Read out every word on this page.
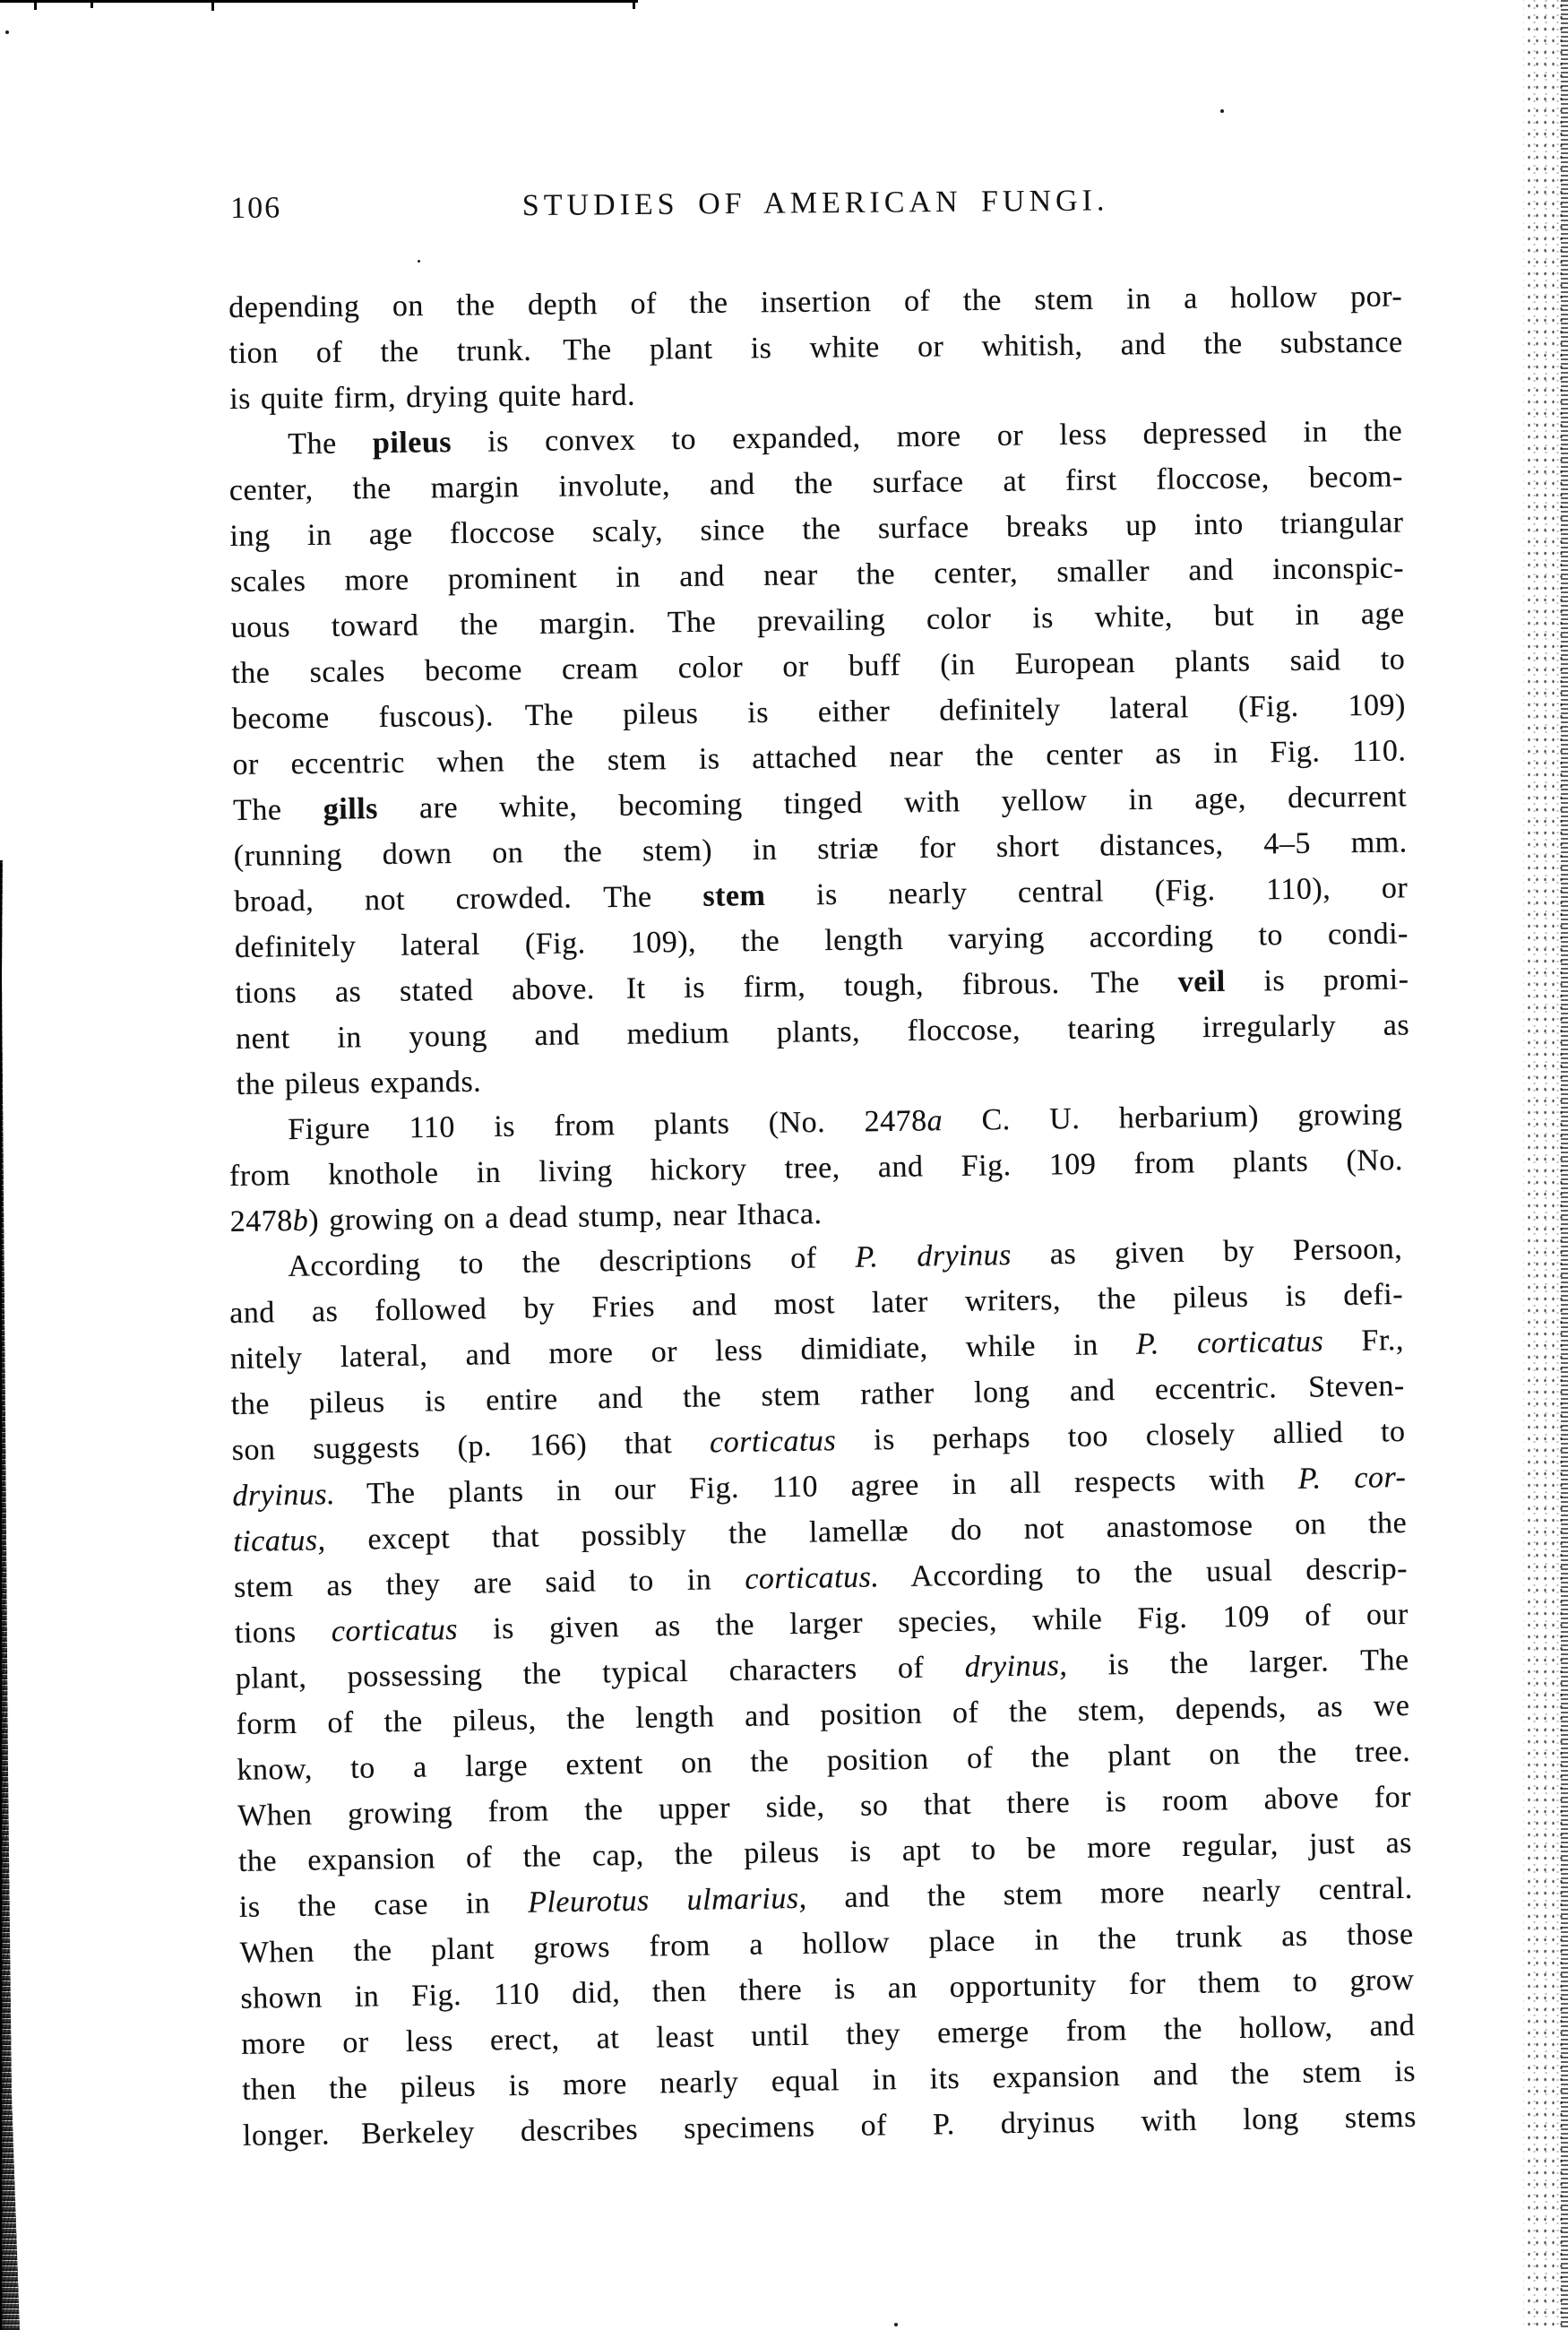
106	STUDIES OF AMERICAN FUNGI.
depending on the depth of the insertion of the stem in a hollow por-
tion of the trunk.  The plant is white or whitish, and the substance
is quite firm, drying quite hard.
The pileus is convex to expanded, more or less depressed in the
center, the margin involute, and the surface at first floccose, becom-
ing in age floccose scaly, since the surface breaks up into triangular
scales more prominent in and near the center, smaller and inconspic-
uous toward the margin.  The prevailing color is white, but in age
the scales become cream color or buff (in European plants said to
become fuscous).  The pileus is either definitely lateral (Fig. 109)
or eccentric when the stem is attached near the center as in Fig. 110.
The gills are white, becoming tinged with yellow in age, decurrent
(running down on the stem) in striæ for short distances, 4–5 mm.
broad, not crowded.  The stem is nearly central (Fig. 110), or
definitely lateral (Fig. 109), the length varying according to condi-
tions as stated above.  It is firm, tough, fibrous.  The veil is promi-
nent in young and medium plants, floccose, tearing irregularly as
the pileus expands.
Figure 110 is from plants (No. 2478a C. U. herbarium) growing
from knothole in living hickory tree, and Fig. 109 from plants (No.
2478b) growing on a dead stump, near Ithaca.
According to the descriptions of P. dryinus as given by Persoon,
and as followed by Fries and most later writers, the pileus is defi-
nitely lateral, and more or less dimidiate, while in P. corticatus Fr.,
the pileus is entire and the stem rather long and eccentric.  Steven-
son suggests (p. 166) that corticatus is perhaps too closely allied to
dryinus.  The plants in our Fig. 110 agree in all respects with P. cor-
ticatus, except that possibly the lamellæ do not anastomose on the
stem as they are said to in corticatus.  According to the usual descrip-
tions corticatus is given as the larger species, while Fig. 109 of our
plant, possessing the typical characters of dryinus, is the larger.  The
form of the pileus, the length and position of the stem, depends, as we
know, to a large extent on the position of the plant on the tree.
When growing from the upper side, so that there is room above for
the expansion of the cap, the pileus is apt to be more regular, just as
is the case in Pleurotus ulmarius, and the stem more nearly central.
When the plant grows from a hollow place in the trunk as those
shown in Fig. 110 did, then there is an opportunity for them to grow
more or less erect, at least until they emerge from the hollow, and
then the pileus is more nearly equal in its expansion and the stem is
longer.  Berkeley describes specimens of P. dryinus with long stems
